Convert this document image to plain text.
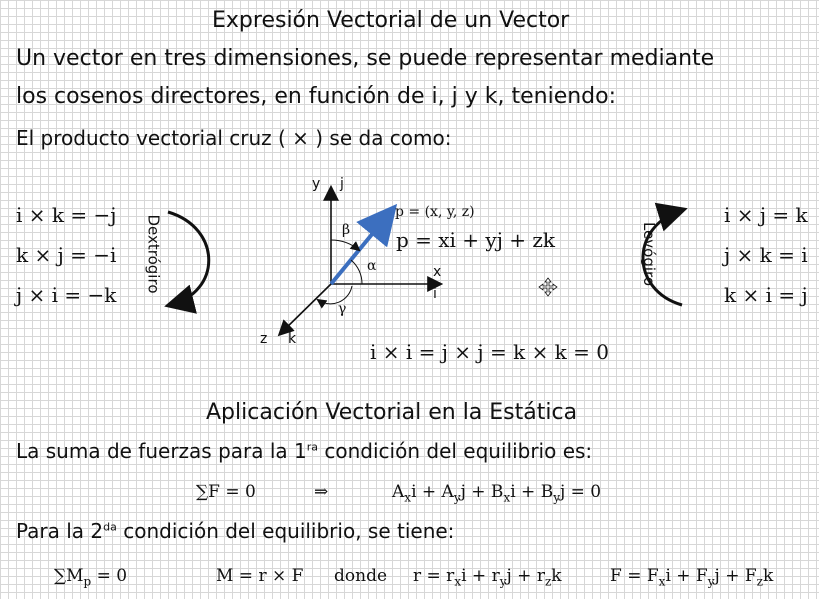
Expresión Vectorial de un Vector
Un vector en tres dimensiones, se puede representar mediante
los cosenos directores, en función de i, j y k, teniendo:
El producto vectorial cruz ( × ) se da como:
i × k = −j
k × j = −i
j × i = −k
i × j = k
j × k = i
k × i = j
Dextrógiro	Levógiro
y j
x
i
z k
α
β
γ
p = (x, y, z)
p = xi + yj + zk
i × i = j × j = k × k = 0
Aplicación Vectorial en la Estática
La suma de fuerzas para la $1^{ra}$ condición del equilibrio es:
∑F = 0	⇒	$A_xi + A_yj + B_xi + B_yj = 0$
Para la $2^{da}$ condición del equilibrio, se tiene:
$\sum M_p = 0$	M = r × F donde $r = r_xi + r_yj + r_zk$	$F = F_xi + F_yj + F_zk$
